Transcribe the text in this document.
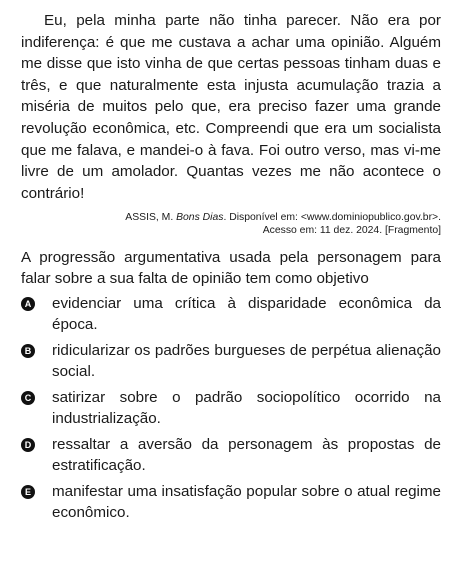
Eu, pela minha parte não tinha parecer. Não era por indiferença: é que me custava a achar uma opinião. Alguém me disse que isto vinha de que certas pessoas tinham duas e três, e que naturalmente esta injusta acumulação trazia a miséria de muitos pelo que, era preciso fazer uma grande revolução econômica, etc. Compreendi que era um socialista que me falava, e mandei-o à fava. Foi outro verso, mas vi-me livre de um amolador. Quantas vezes me não acontece o contrário!

ASSIS, M. Bons Dias. Disponível em: <www.dominiopublico.gov.br>.
Acesso em: 11 dez. 2024. [Fragmento]

A progressão argumentativa usada pela personagem para falar sobre a sua falta de opinião tem como objetivo

A evidenciar uma crítica à disparidade econômica da época.
B ridicularizar os padrões burgueses de perpétua alienação social.
C satirizar sobre o padrão sociopolítico ocorrido na industrialização.
D ressaltar a aversão da personagem às propostas de estratificação.
E manifestar uma insatisfação popular sobre o atual regime econômico.
